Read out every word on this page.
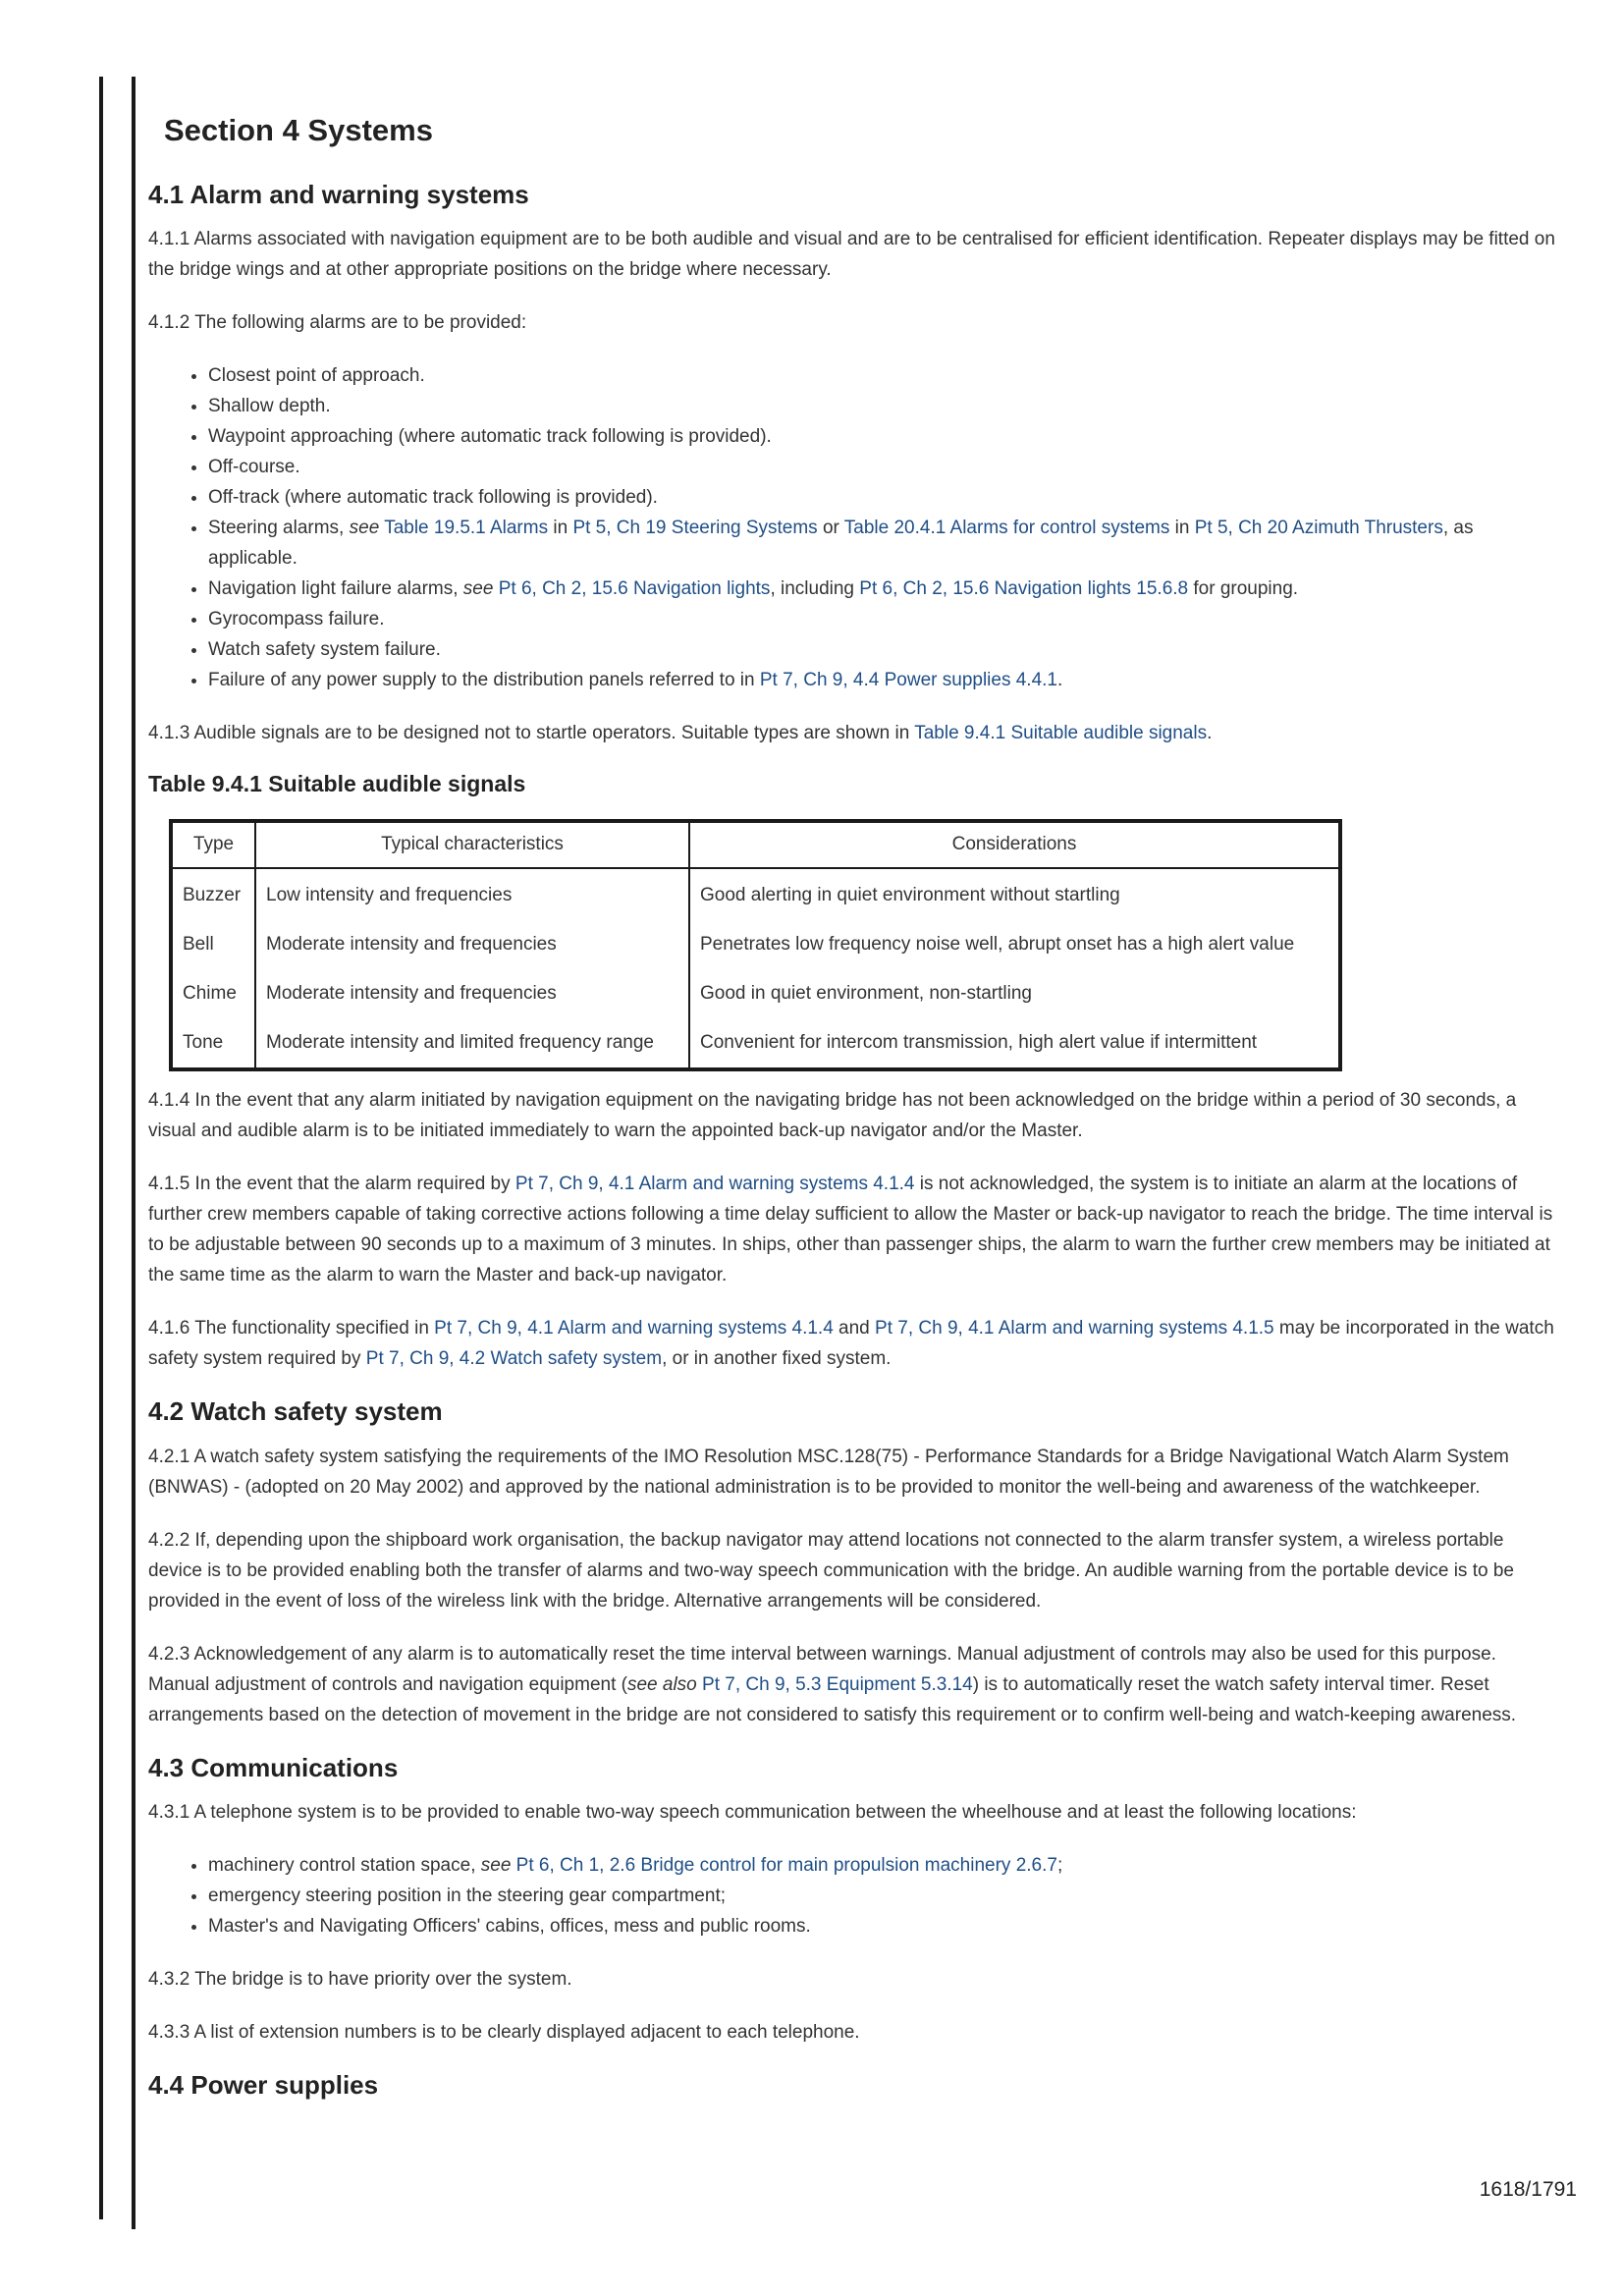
Section 4 Systems
4.1 Alarm and warning systems

4.1.1 Alarms associated with navigation equipment are to be both audible and visual and are to be centralised for efficient identification. Repeater displays may be fitted on the bridge wings and at other appropriate positions on the bridge where necessary.

4.1.2 The following alarms are to be provided:

• Closest point of approach.
• Shallow depth.
• Waypoint approaching (where automatic track following is provided).
• Off-course.
• Off-track (where automatic track following is provided).
• Steering alarms, see Table 19.5.1 Alarms in Pt 5, Ch 19 Steering Systems or Table 20.4.1 Alarms for control systems in Pt 5, Ch 20 Azimuth Thrusters, as applicable.
• Navigation light failure alarms, see Pt 6, Ch 2, 15.6 Navigation lights, including Pt 6, Ch 2, 15.6 Navigation lights 15.6.8 for grouping.
• Gyrocompass failure.
• Watch safety system failure.
• Failure of any power supply to the distribution panels referred to in Pt 7, Ch 9, 4.4 Power supplies 4.4.1.

4.1.3 Audible signals are to be designed not to startle operators. Suitable types are shown in Table 9.4.1 Suitable audible signals.

Table 9.4.1 Suitable audible signals
Type	Typical characteristics	Considerations
Buzzer	Low intensity and frequencies	Good alerting in quiet environment without startling
Bell	Moderate intensity and frequencies	Penetrates low frequency noise well, abrupt onset has a high alert value
Chime	Moderate intensity and frequencies	Good in quiet environment, non-startling
Tone	Moderate intensity and limited frequency range	Convenient for intercom transmission, high alert value if intermittent

4.1.4 In the event that any alarm initiated by navigation equipment on the navigating bridge has not been acknowledged on the bridge within a period of 30 seconds, a visual and audible alarm is to be initiated immediately to warn the appointed back-up navigator and/or the Master.

4.1.5 In the event that the alarm required by Pt 7, Ch 9, 4.1 Alarm and warning systems 4.1.4 is not acknowledged, the system is to initiate an alarm at the locations of further crew members capable of taking corrective actions following a time delay sufficient to allow the Master or back-up navigator to reach the bridge. The time interval is to be adjustable between 90 seconds up to a maximum of 3 minutes. In ships, other than passenger ships, the alarm to warn the further crew members may be initiated at the same time as the alarm to warn the Master and back-up navigator.

4.1.6 The functionality specified in Pt 7, Ch 9, 4.1 Alarm and warning systems 4.1.4 and Pt 7, Ch 9, 4.1 Alarm and warning systems 4.1.5 may be incorporated in the watch safety system required by Pt 7, Ch 9, 4.2 Watch safety system, or in another fixed system.

4.2 Watch safety system

4.2.1 A watch safety system satisfying the requirements of the IMO Resolution MSC.128(75) - Performance Standards for a Bridge Navigational Watch Alarm System (BNWAS) - (adopted on 20 May 2002) and approved by the national administration is to be provided to monitor the well-being and awareness of the watchkeeper.

4.2.2 If, depending upon the shipboard work organisation, the backup navigator may attend locations not connected to the alarm transfer system, a wireless portable device is to be provided enabling both the transfer of alarms and two-way speech communication with the bridge. An audible warning from the portable device is to be provided in the event of loss of the wireless link with the bridge. Alternative arrangements will be considered.

4.2.3 Acknowledgement of any alarm is to automatically reset the time interval between warnings. Manual adjustment of controls may also be used for this purpose. Manual adjustment of controls and navigation equipment (see also Pt 7, Ch 9, 5.3 Equipment 5.3.14) is to automatically reset the watch safety interval timer. Reset arrangements based on the detection of movement in the bridge are not considered to satisfy this requirement or to confirm well-being and watch-keeping awareness.

4.3 Communications

4.3.1 A telephone system is to be provided to enable two-way speech communication between the wheelhouse and at least the following locations:

• machinery control station space, see Pt 6, Ch 1, 2.6 Bridge control for main propulsion machinery 2.6.7;
• emergency steering position in the steering gear compartment;
• Master's and Navigating Officers' cabins, offices, mess and public rooms.

4.3.2 The bridge is to have priority over the system.

4.3.3 A list of extension numbers is to be clearly displayed adjacent to each telephone.

4.4 Power supplies
1618/1791
